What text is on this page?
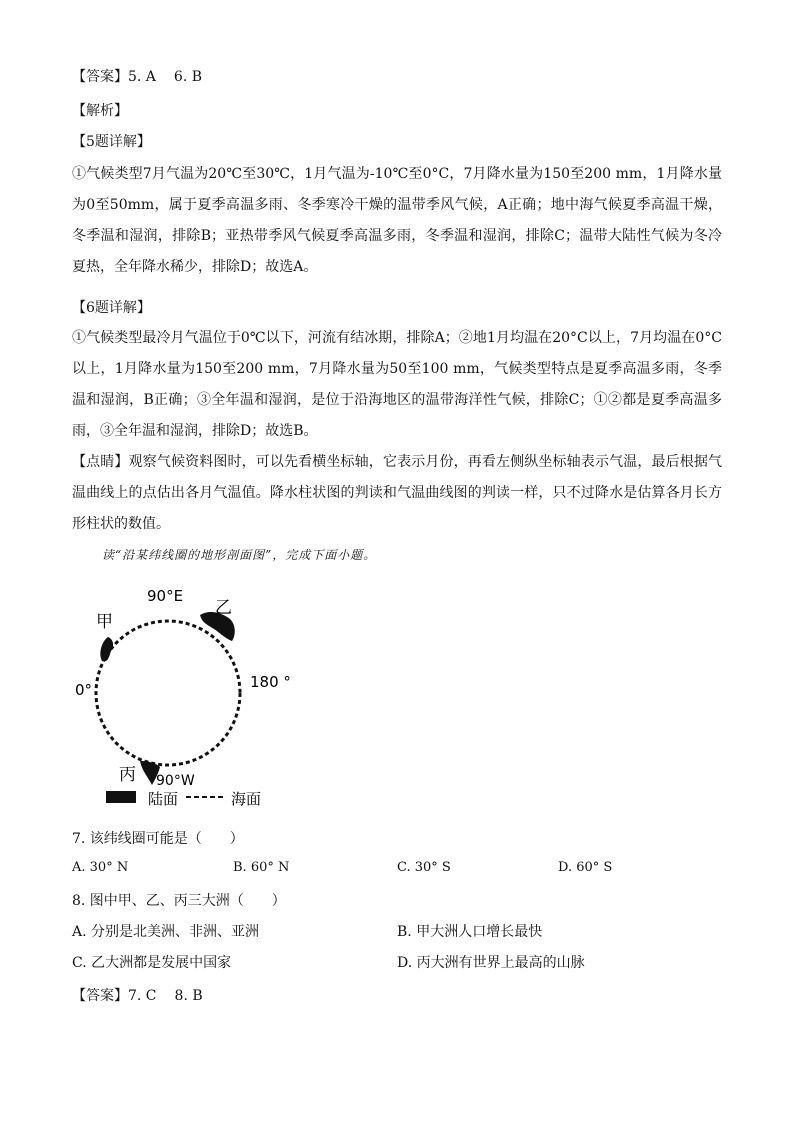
【答案】5. A 6. B
【解析】
【5题详解】
①气候类型7月气温为20℃至30℃，1月气温为-10℃至0°C，7月降水量为150至200 mm，1月降水量为0至50mm，属于夏季高温多雨、冬季寒冷干燥的温带季风气候，A正确；地中海气候夏季高温干燥，冬季温和湿润，排除B；亚热带季风气候夏季高温多雨，冬季温和湿润，排除C；温带大陆性气候为冬冷夏热，全年降水稀少，排除D；故选A。
【6题详解】
①气候类型最冷月气温位于0℃以下，河流有结冰期，排除A；②地1月均温在20°C以上，7月均温在0°C以上，1月降水量为150至200 mm，7月降水量为50至100 mm，气候类型特点是夏季高温多雨，冬季温和湿润，B正确；③全年温和湿润，是位于沿海地区的温带海洋性气候，排除C；①②都是夏季高温多雨，③全年温和湿润，排除D；故选B。
【点睛】观察气候资料图时，可以先看横坐标轴，它表示月份，再看左侧纵坐标轴表示气温，最后根据气温曲线上的点估出各月气温值。降水柱状图的判读和气温曲线图的判读一样，只不过降水是估算各月长方形柱状的数值。
读“沿某纬线圈的地形剖面图”，完成下面小题。
90°E
180 °
0°
90°W
甲
乙
丙
陆面	海面
7. 该纬线圈可能是（　　）
A. 30° N	B. 60° N	C. 30° S	D. 60° S
8. 图中甲、乙、丙三大洲（　　）
A. 分别是北美洲、非洲、亚洲	B. 甲大洲人口增长最快
C. 乙大洲都是发展中国家	D. 丙大洲有世界上最高的山脉
【答案】7. C 8. B
